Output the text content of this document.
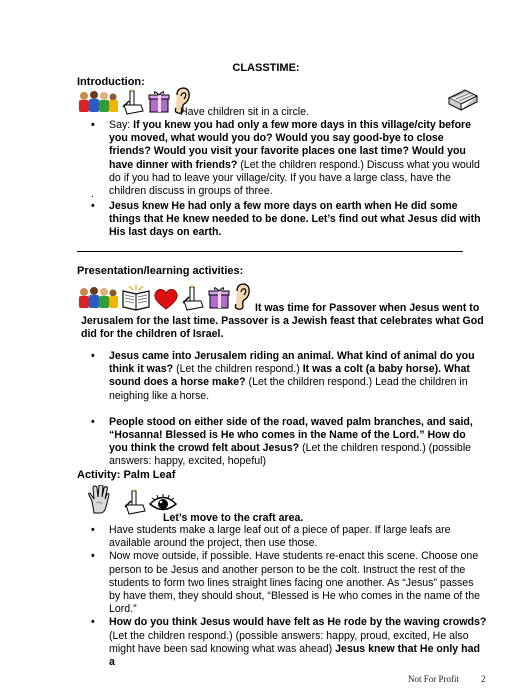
CLASSTIME:
Introduction:
Have children sit in a circle.
• Say: If you knew you had only a few more days in this village/city before you moved, what would you do? Would you say good-bye to close friends? Would you visit your favorite places one last time? Would you have dinner with friends? (Let the children respond.) Discuss what you would do if you had to leave your village/city. If you have a large class, have the children discuss in groups of three.
.
• Jesus knew He had only a few more days on earth when He did some things that He knew needed to be done. Let’s find out what Jesus did with His last days on earth.
Presentation/learning activities:
It was time for Passover when Jesus went to Jerusalem for the last time. Passover is a Jewish feast that celebrates what God did for the children of Israel.
• Jesus came into Jerusalem riding an animal. What kind of animal do you think it was? (Let the children respond.) It was a colt (a baby horse). What sound does a horse make? (Let the children respond.) Lead the children in neighing like a horse.
• People stood on either side of the road, waved palm branches, and said, “Hosanna! Blessed is He who comes in the Name of the Lord.” How do you think the crowd felt about Jesus? (Let the children respond.) (possible answers: happy, excited, hopeful)
Activity: Palm Leaf
Let’s move to the craft area.
• Have students make a large leaf out of a piece of paper. If large leafs are available around the project, then use those.
• Now move outside, if possible. Have students re-enact this scene. Choose one person to be Jesus and another person to be the colt. Instruct the rest of the students to form two lines straight lines facing one another. As “Jesus” passes by have them, they should shout, “Blessed is He who comes in the name of the Lord.”
• How do you think Jesus would have felt as He rode by the waving crowds? (Let the children respond.) (possible answers: happy, proud, excited, He also might have been sad knowing what was ahead) Jesus knew that He only had a
Not For Profit 2
